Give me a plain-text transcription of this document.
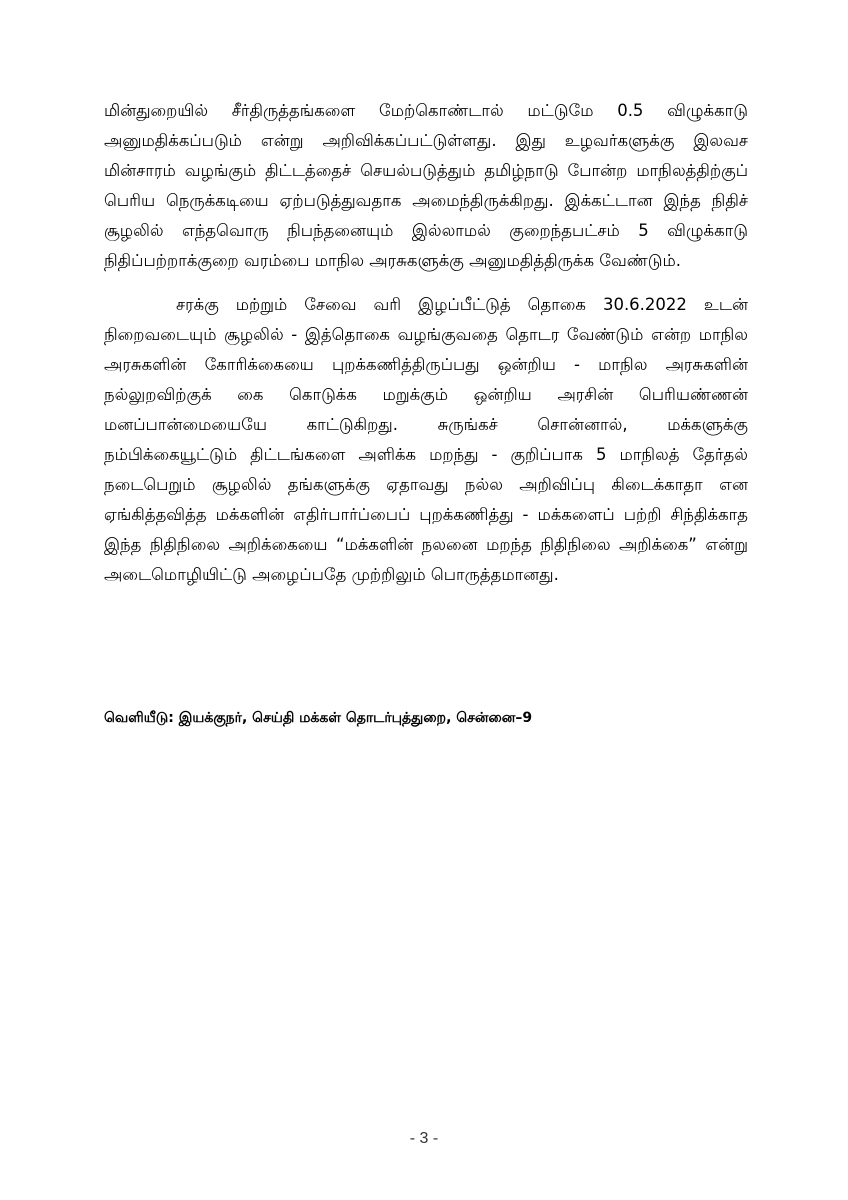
மின்துறையில் சீர்திருத்தங்களை மேற்கொண்டால் மட்டுமே 0.5 விழுக்காடு அனுமதிக்கப்படும் என்று அறிவிக்கப்பட்டுள்ளது. இது உழவர்களுக்கு இலவச மின்சாரம் வழங்கும் திட்டத்தைச் செயல்படுத்தும் தமிழ்நாடு போன்ற மாநிலத்திற்குப் பெரிய நெருக்கடியை ஏற்படுத்துவதாக அமைந்திருக்கிறது. இக்கட்டான இந்த நிதிச் சூழலில் எந்தவொரு நிபந்தனையும் இல்லாமல் குறைந்தபட்சம் 5 விழுக்காடு நிதிப்பற்றாக்குறை வரம்பை மாநில அரசுகளுக்கு அனுமதித்திருக்க வேண்டும்.

சரக்கு மற்றும் சேவை வரி இழப்பீட்டுத் தொகை 30.6.2022 உடன் நிறைவடையும் சூழலில் - இத்தொகை வழங்குவதை தொடர வேண்டும் என்ற மாநில அரசுகளின் கோரிக்கையை புறக்கணித்திருப்பது ஒன்றிய - மாநில அரசுகளின் நல்லுறவிற்குக் கை கொடுக்க மறுக்கும் ஒன்றிய அரசின் பெரியண்ணன் மனப்பான்மையையே காட்டுகிறது. சுருங்கச் சொன்னால், மக்களுக்கு நம்பிக்கையூட்டும் திட்டங்களை அளிக்க மறந்து - குறிப்பாக 5 மாநிலத் தேர்தல் நடைபெறும் சூழலில் தங்களுக்கு ஏதாவது நல்ல அறிவிப்பு கிடைக்காதா என ஏங்கித்தவித்த மக்களின் எதிர்பார்ப்பைப் புறக்கணித்து - மக்களைப் பற்றி சிந்திக்காத இந்த நிதிநிலை அறிக்கையை “மக்களின் நலனை மறந்த நிதிநிலை அறிக்கை” என்று அடைமொழியிட்டு அழைப்பதே முற்றிலும் பொருத்தமானது.

வெளியீடு: இயக்குநர், செய்தி மக்கள் தொடர்புத்துறை, சென்னை–9
- 3 -
